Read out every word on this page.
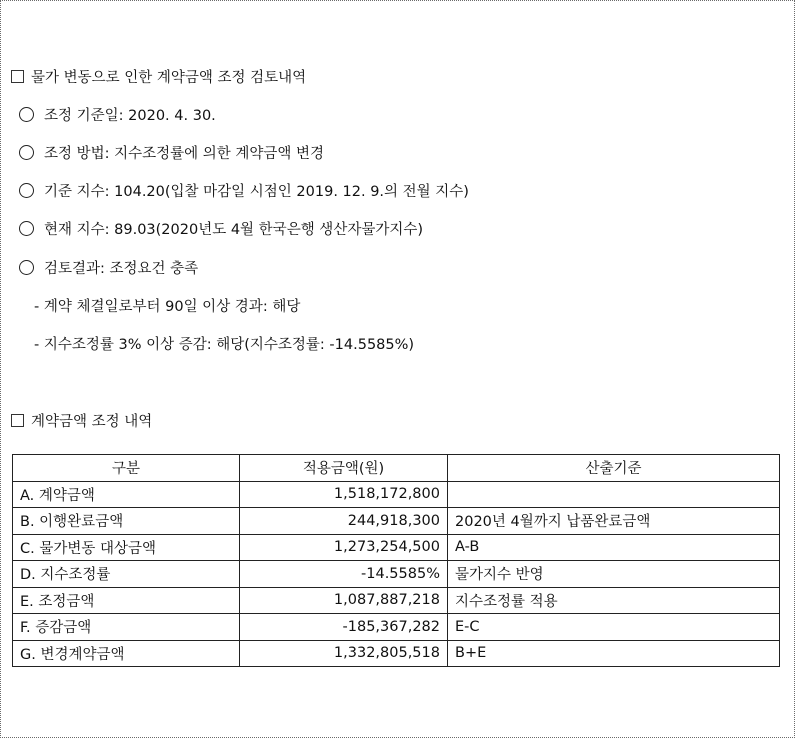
물가 변동으로 인한 계약금액 조정 검토내역
조정 기준일: 2020. 4. 30.
조정 방법: 지수조정률에 의한 계약금액 변경
기준 지수: 104.20(입찰 마감일 시점인 2019. 12. 9.의 전월 지수)
현재 지수: 89.03(2020년도 4월 한국은행 생산자물가지수)
검토결과: 조정요건 충족
- 계약 체결일로부터 90일 이상 경과: 해당
- 지수조정률 3% 이상 증감: 해당(지수조정률: -14.5585%)
계약금액 조정 내역
구분	적용금액(원)	산출기준
A. 계약금액	1,518,172,800	
B. 이행완료금액	244,918,300	2020년 4월까지 납품완료금액
C. 물가변동 대상금액	1,273,254,500	A-B
D. 지수조정률	-14.5585%	물가지수 반영
E. 조정금액	1,087,887,218	지수조정률 적용
F. 증감금액	-185,367,282	E-C
G. 변경계약금액	1,332,805,518	B+E
